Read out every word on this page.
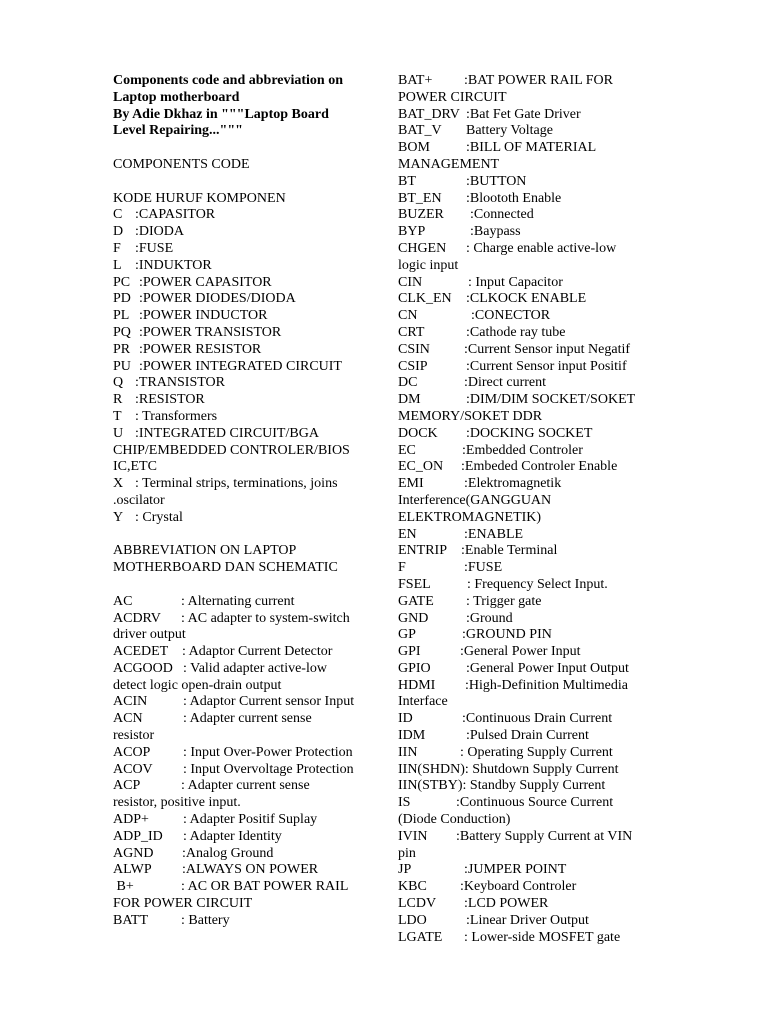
Components code and abbreviation on
Laptop motherboard
By Adie Dkhaz in """Laptop Board
Level Repairing..."""
COMPONENTS CODE
KODE HURUF KOMPONEN
C :CAPASITOR
D :DIODA
F :FUSE
L :INDUKTOR
PC :POWER CAPASITOR
PD :POWER DIODES/DIODA
PL :POWER INDUCTOR
PQ :POWER TRANSISTOR
PR :POWER RESISTOR
PU :POWER INTEGRATED CIRCUIT
Q :TRANSISTOR
R :RESISTOR
T : Transformers
U :INTEGRATED CIRCUIT/BGA
CHIP/EMBEDDED CONTROLER/BIOS
IC,ETC
X : Terminal strips, terminations, joins
.oscilator
Y : Crystal
ABBREVIATION ON LAPTOP
MOTHERBOARD DAN SCHEMATIC
AC	: Alternating current
ACDRV : AC adapter to system-switch
driver output
ACEDET : Adaptor Current Detector
ACGOOD : Valid adapter active-low
detect logic open-drain output
ACIN	: Adaptor Current sensor Input
ACN	: Adapter current sense
resistor
ACOP : Input Over-Power Protection
ACOV : Input Overvoltage Protection
ACP	: Adapter current sense
resistor, positive input.
ADP+ : Adapter Positif Suplay
ADP_ID : Adapter Identity
AGND :Analog Ground
ALWP :ALWAYS ON POWER
B+	: AC OR BAT POWER RAIL
FOR POWER CIRCUIT
BATT : Battery
BAT+ :BAT POWER RAIL FOR
POWER CIRCUIT
BAT_DRV :Bat Fet Gate Driver
BAT_V Battery Voltage
BOM	:BILL OF MATERIAL
MANAGEMENT
BT	:BUTTON
BT_EN :Bloototh Enable
BUZER :Connected
BYP	:Baypass
CHGEN : Charge enable active-low
logic input
CIN	: Input Capacitor
CLK_EN :CLKOCK ENABLE
CN	:CONECTOR
CRT	:Cathode ray tube
CSIN :Current Sensor input Negatif
CSIP	:Current Sensor input Positif
DC	:Direct current
DM	:DIM/DIM SOCKET/SOKET
MEMORY/SOKET DDR
DOCK :DOCKING SOCKET
EC	:Embedded Controler
EC_ON :Embeded Controler Enable
EMI	:Elektromagnetik
Interference(GANGGUAN
ELEKTROMAGNETIK)
EN	:ENABLE
ENTRIP :Enable Terminal
F	:FUSE
FSEL	: Frequency Select Input.
GATE : Trigger gate
GND	:Ground
GP	:GROUND PIN
GPI	:General Power Input
GPIO	:General Power Input Output
HDMI :High-Definition Multimedia
Interface
ID	:Continuous Drain Current
IDM	:Pulsed Drain Current
IIN	: Operating Supply Current
IIN(SHDN): Shutdown Supply Current
IIN(STBY): Standby Supply Current
IS	:Continuous Source Current
(Diode Conduction)
IVIN :Battery Supply Current at VIN
pin
JP	:JUMPER POINT
KBC :Keyboard Controler
LCDV :LCD POWER
LDO	:Linear Driver Output
LGATE : Lower-side MOSFET gate
